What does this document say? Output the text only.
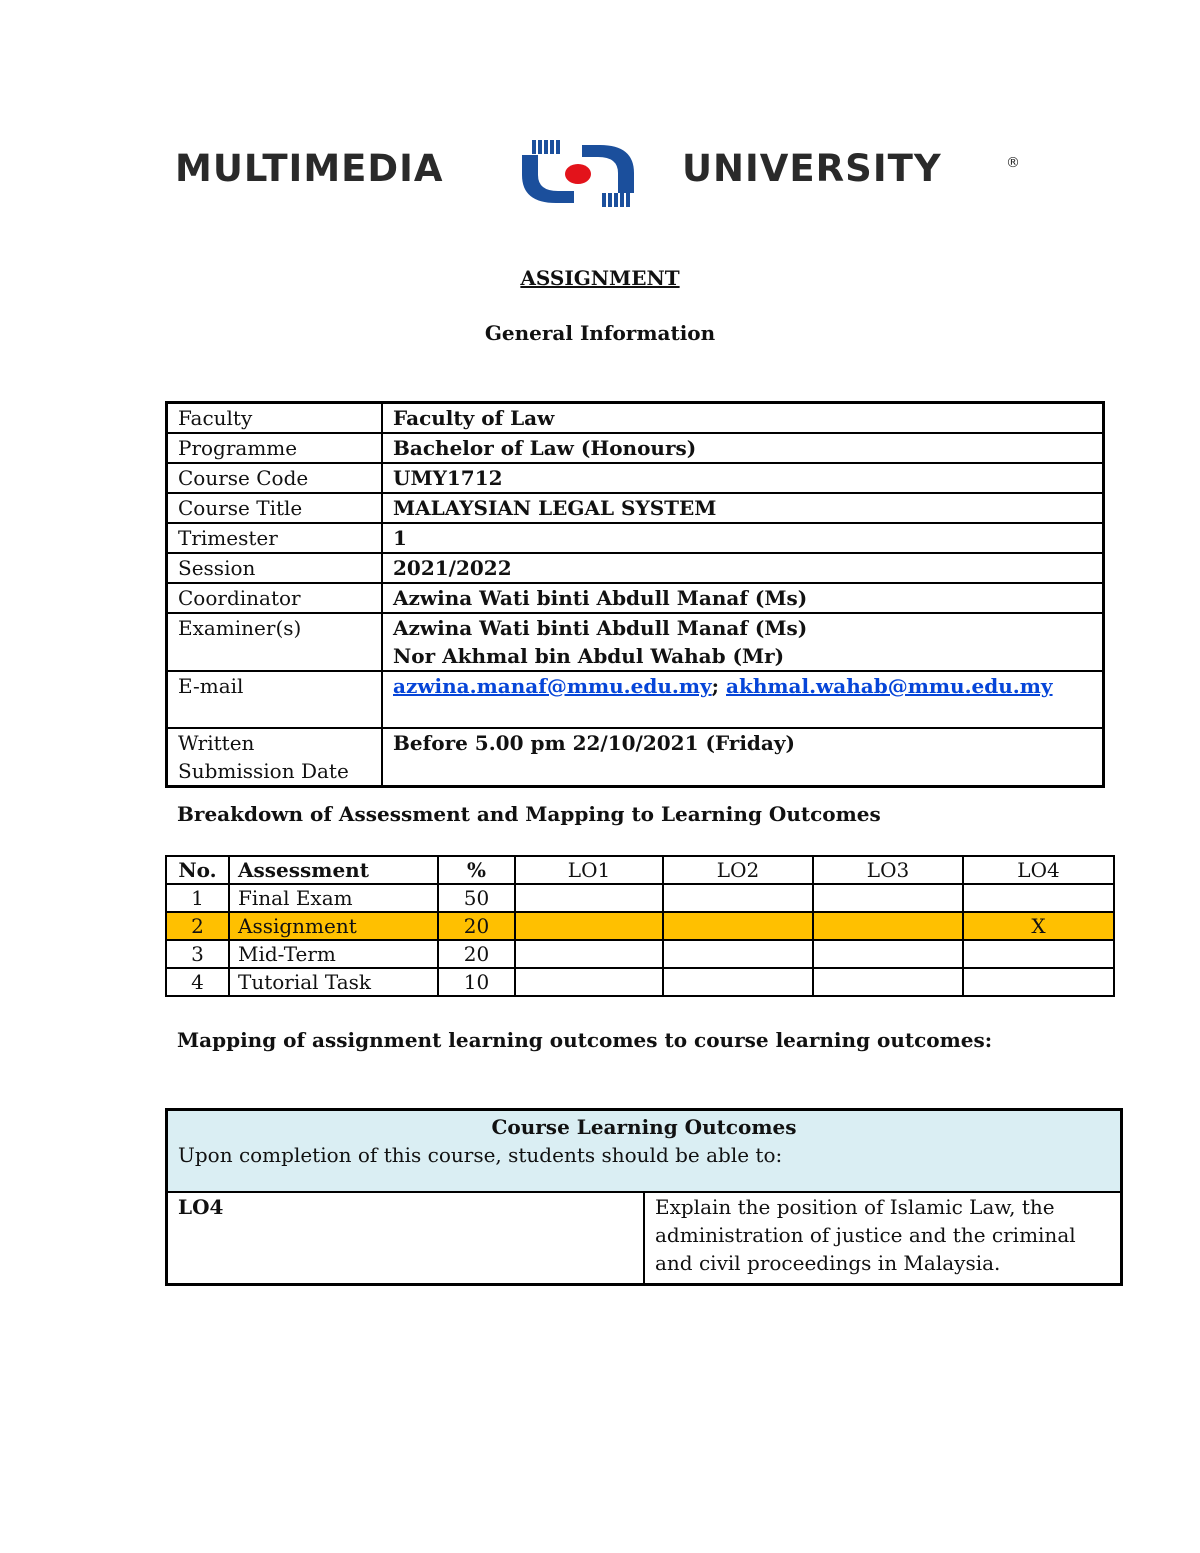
MULTIMEDIA	UNIVERSITY	®
ASSIGNMENT
General Information
Faculty	Faculty of Law
Programme	Bachelor of Law (Honours)
Course Code	UMY1712
Course Title	MALAYSIAN LEGAL SYSTEM
Trimester	1
Session	2021/2022
Coordinator	Azwina Wati binti Abdull Manaf (Ms)
Examiner(s)	Azwina Wati binti Abdull Manaf (Ms)
Nor Akhmal bin Abdul Wahab (Mr)

E-mail	azwina.manaf@mmu.edu.my; akhmal.wahab@mmu.edu.my

Written
Submission Date	Before 5.00 pm 22/10/2021 (Friday)
Breakdown of Assessment and Mapping to Learning Outcomes
No.	Assessment	%	LO1	LO2	LO3	LO4
1	Final Exam	50				
2	Assignment	20				X
3	Mid-Term	20				
4	Tutorial Task	10				
Mapping of assignment learning outcomes to course learning outcomes:
Course Learning Outcomes
Upon completion of this course, students should be able to:

LO4	Explain the position of Islamic Law, the administration of justice and the criminal and civil proceedings in Malaysia.
